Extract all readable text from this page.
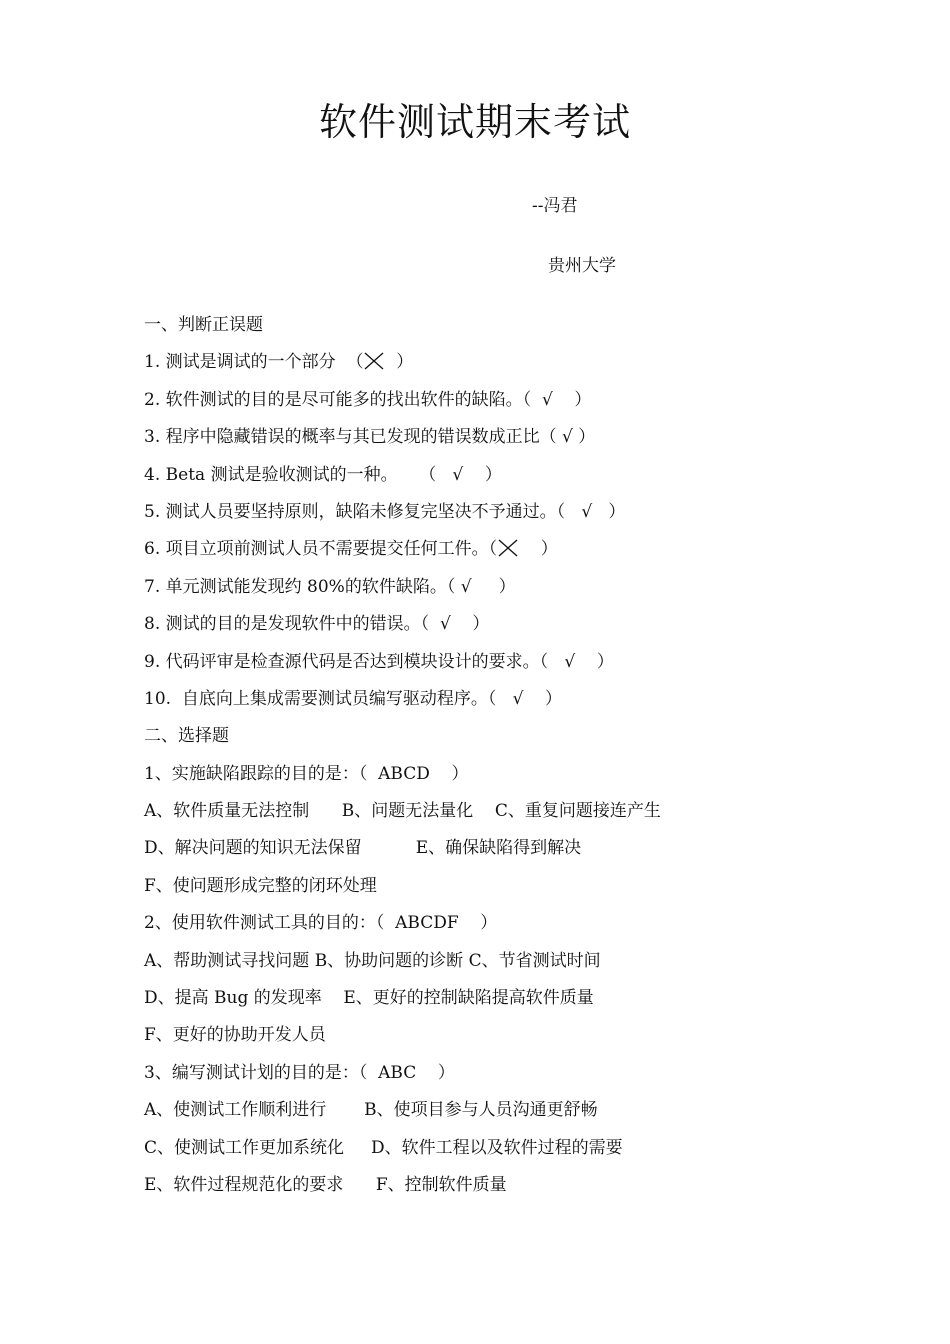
软件测试期末考试
--冯君
贵州大学
一、判断正误题
1. 测试是调试的一个部分 （ ）
2. 软件测试的目的是尽可能多的找出软件的缺陷。（ √ ）
3. 程序中隐藏错误的概率与其已发现的错误数成正比（ √ ）
4. Beta 测试是验收测试的一种。 （ √ ）
5. 测试人员要坚持原则，缺陷未修复完坚决不予通过。（ √ ）
6. 项目立项前测试人员不需要提交任何工件。（	）
7. 单元测试能发现约 80%的软件缺陷。（ √ ）
8. 测试的目的是发现软件中的错误。（ √ ）
9. 代码评审是检查源代码是否达到模块设计的要求。（ √ ）
10. 自底向上集成需要测试员编写驱动程序。（ √ ）
二、选择题
1、实施缺陷跟踪的目的是：（ ABCD ）
A、软件质量无法控制 B、问题无法量化 C、重复问题接连产生
D、解决问题的知识无法保留	E、确保缺陷得到解决
F、使问题形成完整的闭环处理
2、使用软件测试工具的目的：（ ABCDF ）
A、帮助测试寻找问题 B、协助问题的诊断 C、节省测试时间
D、提高 Bug 的发现率 E、更好的控制缺陷提高软件质量
F、更好的协助开发人员
3、编写测试计划的目的是：（ ABC ）
A、使测试工作顺利进行 B、使项目参与人员沟通更舒畅
C、使测试工作更加系统化 D、软件工程以及软件过程的需要
E、软件过程规范化的要求 F、控制软件质量
